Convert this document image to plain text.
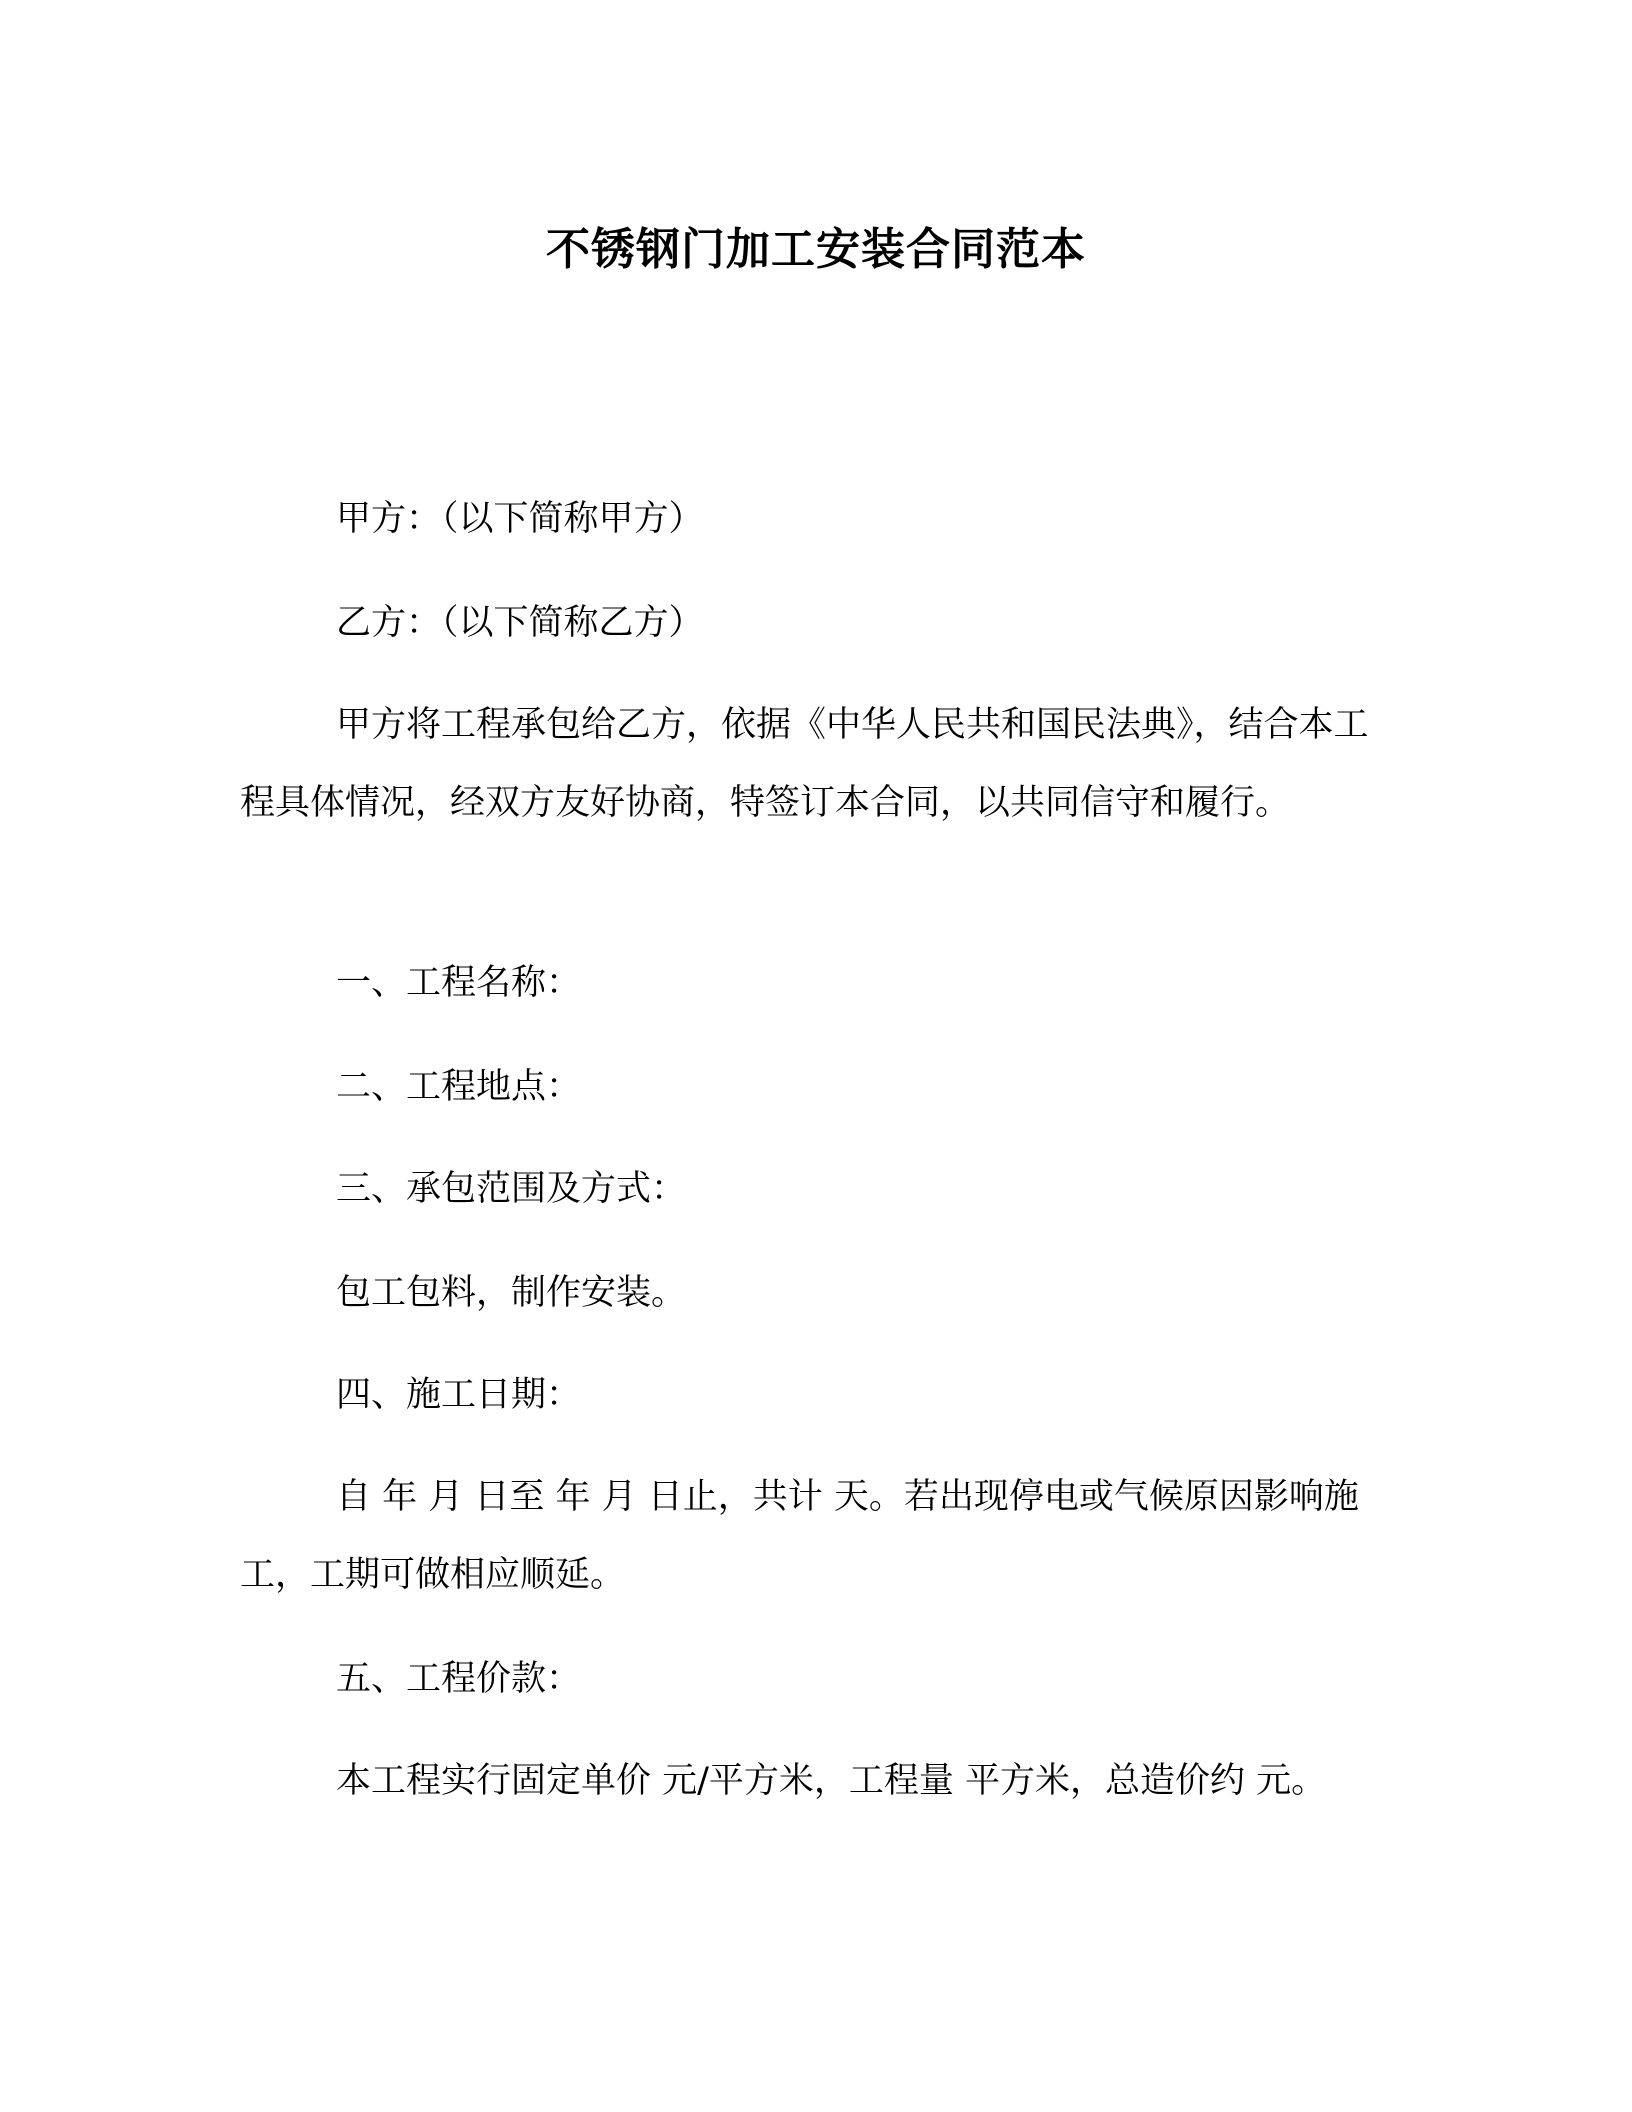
不锈钢门加工安装合同范本

甲方：（以下简称甲方）

乙方：（以下简称乙方）

甲方将工程承包给乙方，依据《中华人民共和国民法典》，结合本工程具体情况，经双方友好协商，特签订本合同，以共同信守和履行。

一、工程名称：

二、工程地点：

三、承包范围及方式：

包工包料，制作安装。

四、施工日期：

自 年 月 日至 年 月 日止，共计 天。若出现停电或气候原因影响施工，工期可做相应顺延。

五、工程价款：

本工程实行固定单价 元/平方米，工程量 平方米，总造价约 元。
